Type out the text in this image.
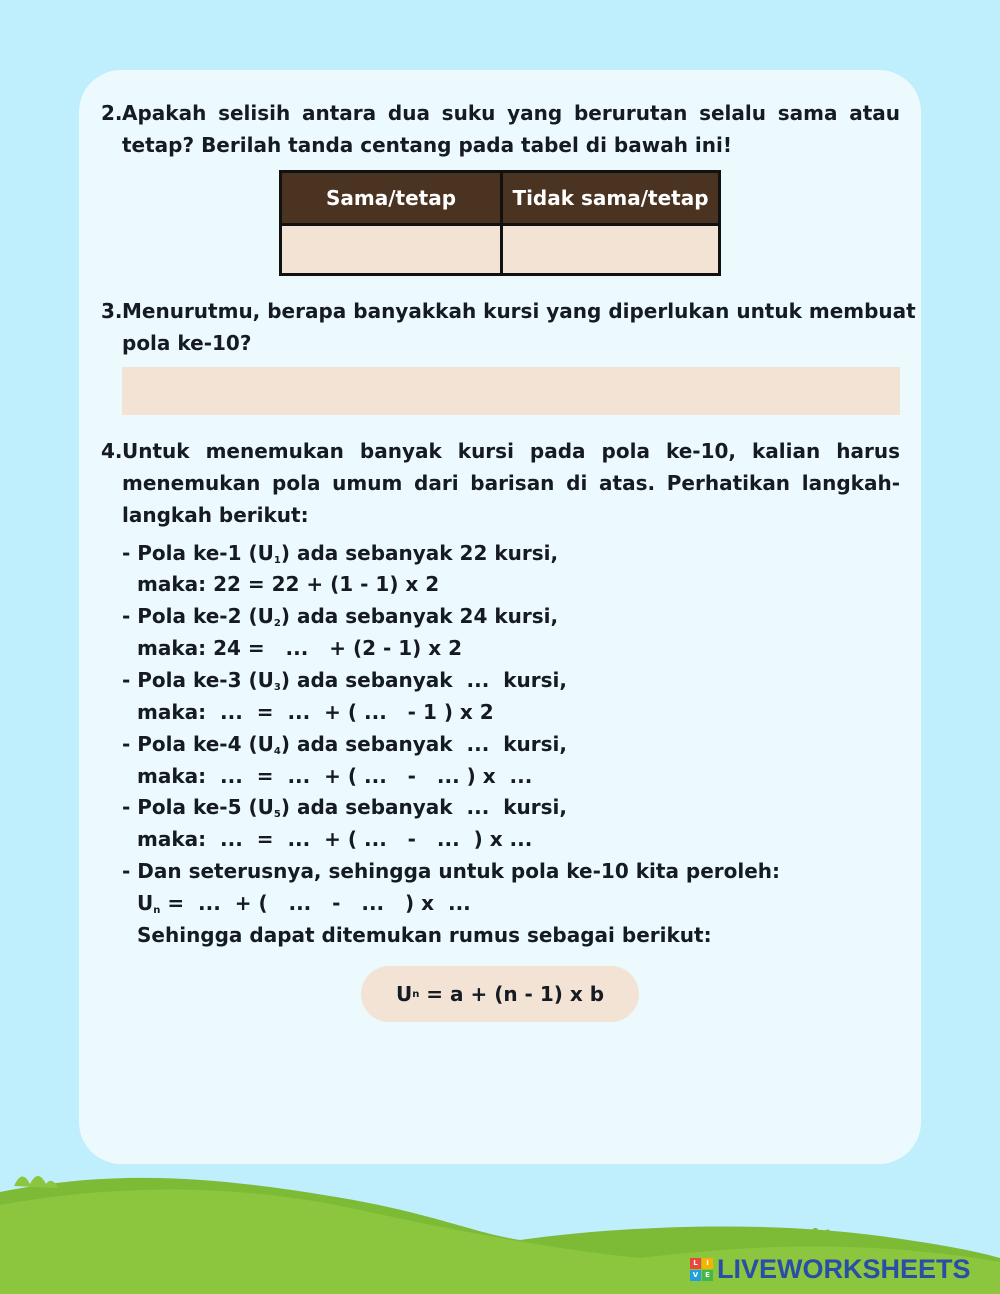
2. Apakah selisih antara dua suku yang berurutan selalu sama atau
tetap? Berilah tanda centang pada tabel di bawah ini!
Sama/tetap	Tidak sama/tetap
3. Menurutmu, berapa banyakkah kursi yang diperlukan untuk membuat
pola ke-10?
4. Untuk menemukan banyak kursi pada pola ke-10, kalian harus
menemukan pola umum dari barisan di atas. Perhatikan langkah-
langkah berikut:
- Pola ke-1 $(U_1)$ ada sebanyak 22 kursi,
maka: 22 = 22 + (1 - 1) x 2
- Pola ke-2 $(U_2)$ ada sebanyak 24 kursi,
maka: 24 =   ...   + (2 - 1) x 2
- Pola ke-3 $(U_3)$ ada sebanyak  ...  kursi,
maka:  ...  =  ...  + ( ...   - 1 ) x 2
- Pola ke-4 $(U_4)$ ada sebanyak  ...  kursi,
maka:  ...  =  ...  + ( ...   -   ... ) x  ...
- Pola ke-5 $(U_5)$ ada sebanyak  ...  kursi,
maka:  ...  =  ...  + ( ...   -   ...  ) x ...
- Dan seterusnya, sehingga untuk pola ke-10 kita peroleh:
$U_n$ =  ...  + (   ...   -   ...   ) x  ...
Sehingga dapat ditemukan rumus sebagai berikut:
U n = a + (n - 1) x b
L	I
V E LIVEWORKSHEETS
